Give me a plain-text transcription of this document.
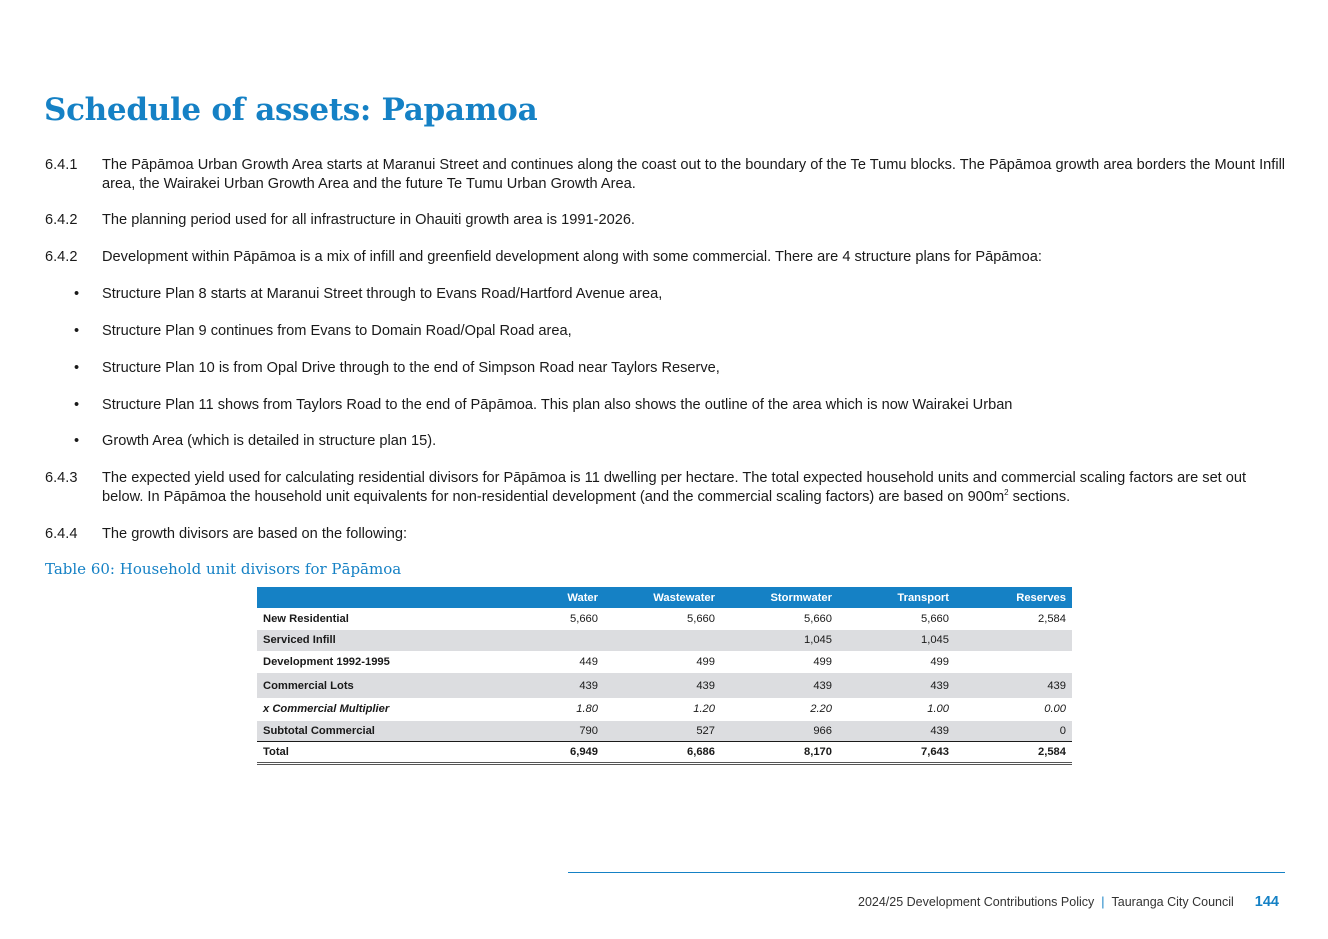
Schedule of assets: Papamoa
6.4.1	The Pāpāmoa Urban Growth Area starts at Maranui Street and continues along the coast out to the boundary of the Te Tumu blocks. The Pāpāmoa growth area borders the Mount Infill area, the Wairakei Urban Growth Area and the future Te Tumu Urban Growth Area.
6.4.2	The planning period used for all infrastructure in Ohauiti growth area is 1991-2026.
6.4.2	Development within Pāpāmoa is a mix of infill and greenfield development along with some commercial. There are 4 structure plans for Pāpāmoa:
• Structure Plan 8 starts at Maranui Street through to Evans Road/Hartford Avenue area,
• Structure Plan 9 continues from Evans to Domain Road/Opal Road area,
• Structure Plan 10 is from Opal Drive through to the end of Simpson Road near Taylors Reserve,
• Structure Plan 11 shows from Taylors Road to the end of Pāpāmoa. This plan also shows the outline of the area which is now Wairakei Urban
• Growth Area (which is detailed in structure plan 15).
6.4.3	The expected yield used for calculating residential divisors for Pāpāmoa is 11 dwelling per hectare. The total expected household units and commercial scaling factors are set out below. In Pāpāmoa the household unit equivalents for non-residential development (and the commercial scaling factors) are based on $900m^2$ sections.
6.4.4	The growth divisors are based on the following:
Table 60: Household unit divisors for Pāpāmoa
	Water	Wastewater	Stormwater	Transport	Reserves
New Residential	5,660	5,660	5,660	5,660	2,584
Serviced Infill			1,045	1,045	
Development 1992-1995	449	499	499	499	
Commercial Lots	439	439	439	439	439
x Commercial Multiplier	1.80	1.20	2.20	1.00	0.00
Subtotal Commercial	790	527	966	439	0
Total	6,949	6,686	8,170	7,643	2,584
2024/25 Development Contributions Policy | Tauranga City Council 144
